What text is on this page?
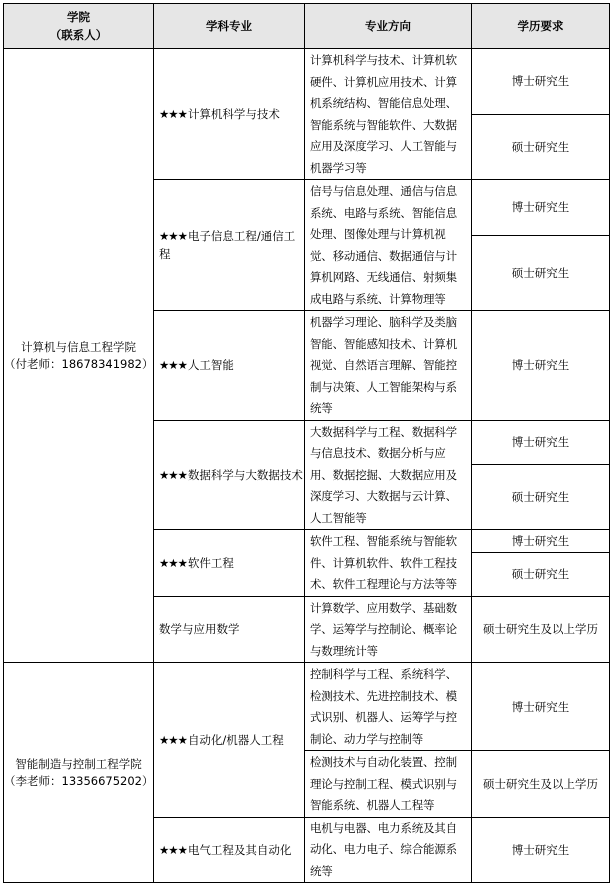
学院
（联系人）	学科专业	专业方向	学历要求

计算机与信息工程学院
（付老师：18678341982）	★★★计算机科学与技术	计算机科学与技术、计算机软硬件、计算机应用技术、计算机系统结构、智能信息处理、智能系统与智能软件、大数据应用及深度学习、人工智能与机器学习等	博士研究生
			硕士研究生
	★★★电子信息工程/通信工程	信号与信息处理、通信与信息系统、电路与系统、智能信息处理、图像处理与计算机视觉、移动通信、数据通信与计算机网路、无线通信、射频集成电路与系统、计算物理等	博士研究生
			硕士研究生
	★★★人工智能	机器学习理论、脑科学及类脑智能、智能感知技术、计算机视觉、自然语言理解、智能控制与决策、人工智能架构与系统等	博士研究生
	★★★数据科学与大数据技术	大数据科学与工程、数据科学与信息技术、数据分析与应用、数据挖掘、大数据应用及深度学习、大数据与云计算、人工智能等	博士研究生
			硕士研究生
	★★★软件工程	软件工程、智能系统与智能软件、计算机软件、软件工程技术、软件工程理论与方法等等	博士研究生
			硕士研究生
	数学与应用数学	计算数学、应用数学、基础数学、运筹学与控制论、概率论与数理统计等	硕士研究生及以上学历

智能制造与控制工程学院
（李老师：13356675202）	★★★自动化/机器人工程	控制科学与工程、系统科学、检测技术、先进控制技术、模式识别、机器人、运筹学与控制论、动力学与控制等	博士研究生
		检测技术与自动化装置、控制理论与控制工程、模式识别与智能系统、机器人工程等	硕士研究生及以上学历
	★★★电气工程及其自动化	电机与电器、电力系统及其自动化、电力电子、综合能源系统等	博士研究生
